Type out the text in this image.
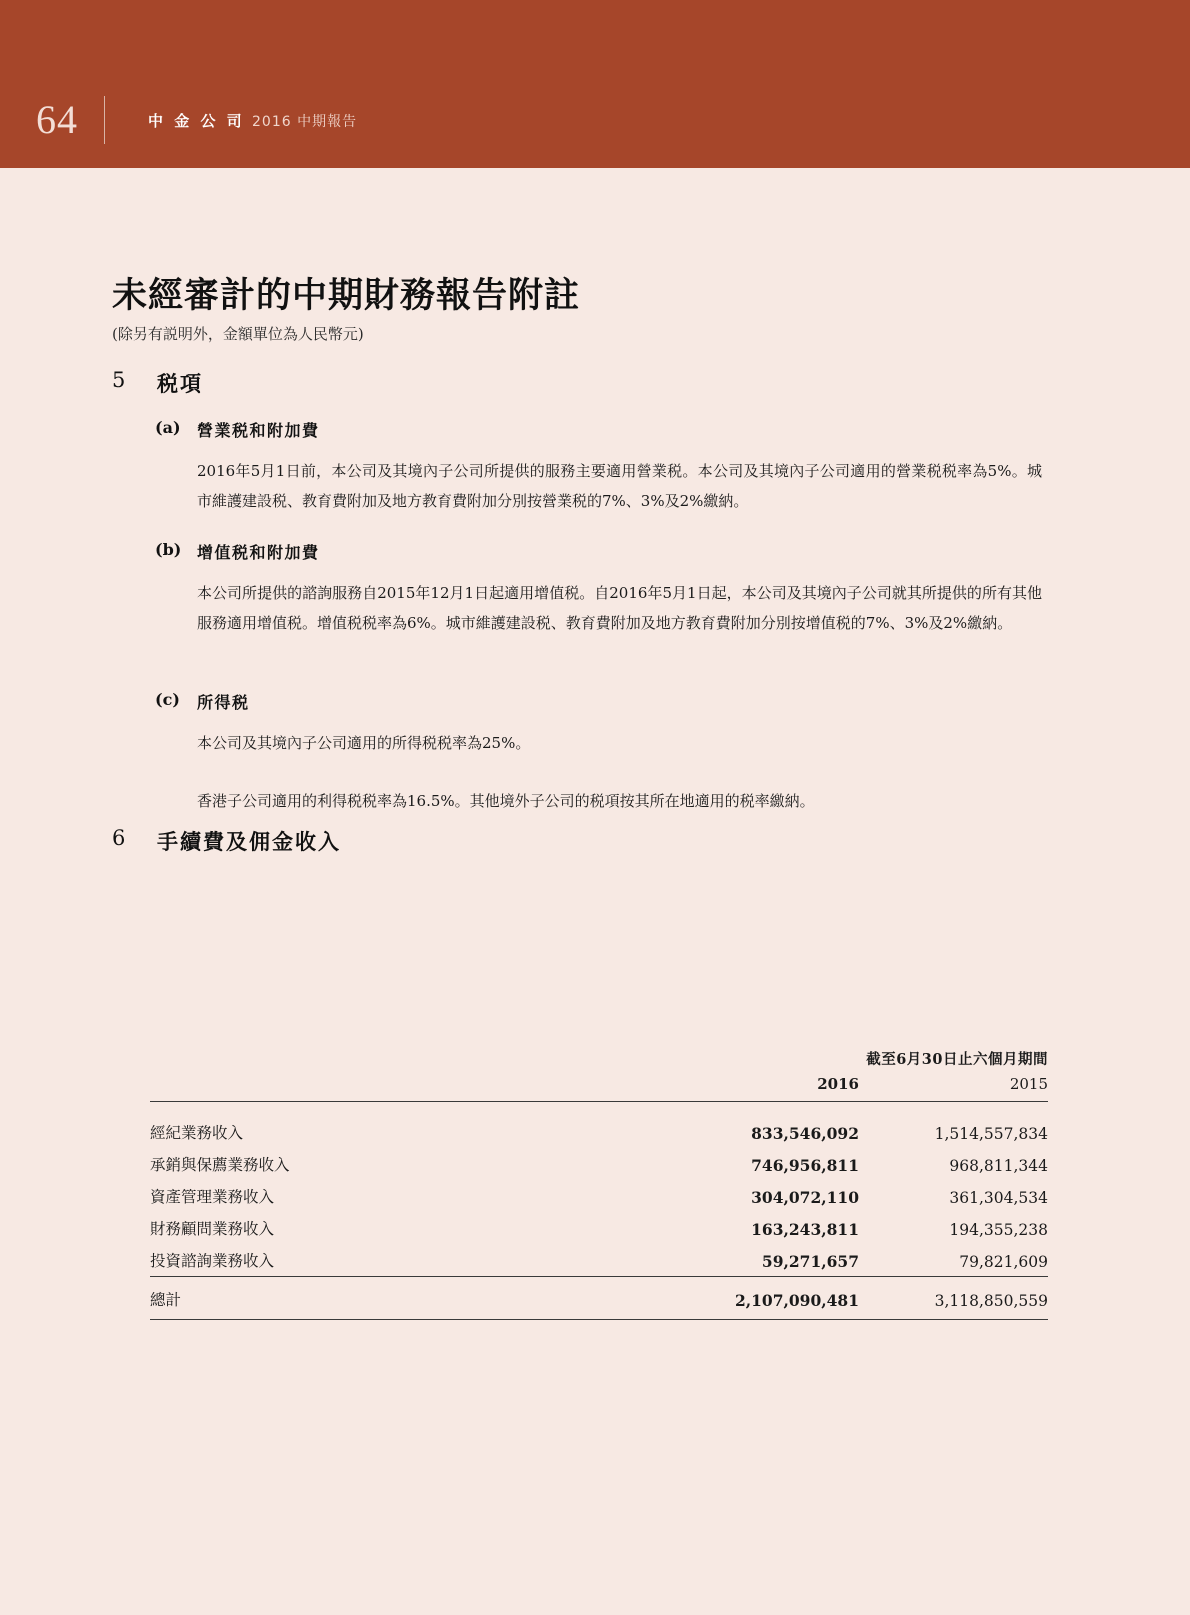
64	中 金 公 司 2016 中期報告
未經審計的中期財務報告附註
(除另有説明外，金額單位為人民幣元)
5 税項
(a) 營業税和附加費
2016年5月1日前，本公司及其境內子公司所提供的服務主要適用營業税。本公司及其境內子公司適用的營業税税率為5%。城市維護建設税、教育費附加及地方教育費附加分別按營業税的7%、3%及2%繳納。
(b) 增值税和附加費
本公司所提供的諮詢服務自2015年12月1日起適用增值税。自2016年5月1日起，本公司及其境內子公司就其所提供的所有其他服務適用增值税。增值税税率為6%。城市維護建設税、教育費附加及地方教育費附加分別按增值税的7%、3%及2%繳納。
(c) 所得税
本公司及其境內子公司適用的所得税税率為25%。
香港子公司適用的利得税税率為16.5%。其他境外子公司的税項按其所在地適用的税率繳納。
6 手續費及佣金收入
	截至6月30日止六個月期間	
	2016	2015

經紀業務收入	833,546,092	1,514,557,834
承銷與保薦業務收入	746,956,811	968,811,344
資產管理業務收入	304,072,110	361,304,534
財務顧問業務收入	163,243,811	194,355,238
投資諮詢業務收入	59,271,657	79,821,609
總計	2,107,090,481	3,118,850,559
